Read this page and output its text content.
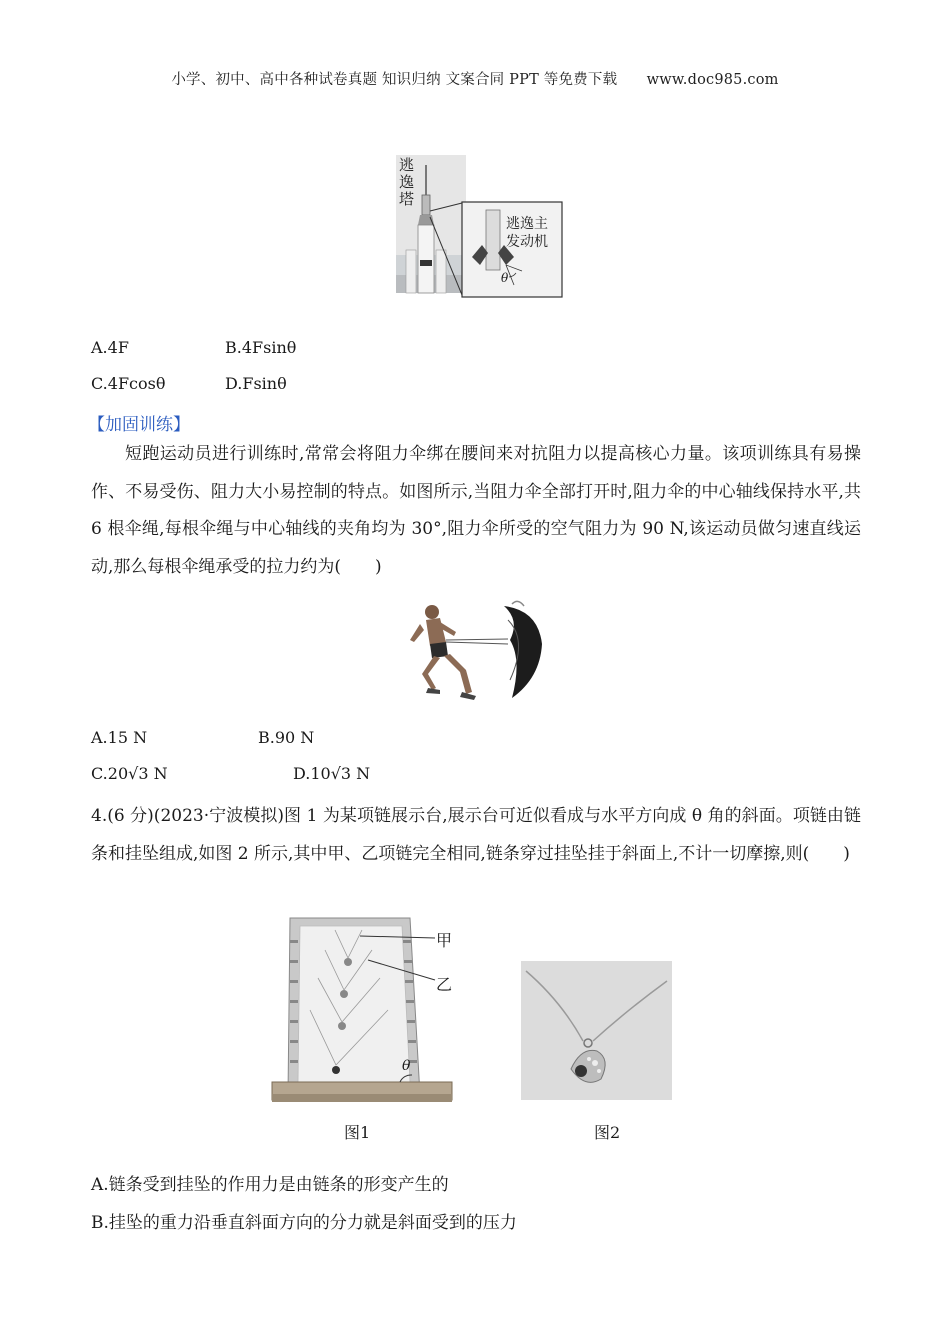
小学、初中、高中各种试卷真题 知识归纳 文案合同 PPT 等免费下载　　www.doc985.com
逃逸塔
逃逸主
发动机
θ
A.4F	B.4Fsinθ
C.4Fcosθ	D.Fsinθ
【加固训练】
短跑运动员进行训练时,常常会将阻力伞绑在腰间来对抗阻力以提高核心力量。该项训练具有易操作、不易受伤、阻力大小易控制的特点。如图所示,当阻力伞全部打开时,阻力伞的中心轴线保持水平,共 6 根伞绳,每根伞绳与中心轴线的夹角均为 30°,阻力伞所受的空气阻力为 90 N,该运动员做匀速直线运动,那么每根伞绳承受的拉力约为(　　)
A.15 N	B.90 N
C.20√3 N	D.10√3 N
4.(6 分)(2023·宁波模拟)图 1 为某项链展示台,展示台可近似看成与水平方向成 θ 角的斜面。项链由链条和挂坠组成,如图 2 所示,其中甲、乙项链完全相同,链条穿过挂坠挂于斜面上,不计一切摩擦,则(　　)
甲
乙
θ
图1	图2
A.链条受到挂坠的作用力是由链条的形变产生的
B.挂坠的重力沿垂直斜面方向的分力就是斜面受到的压力
